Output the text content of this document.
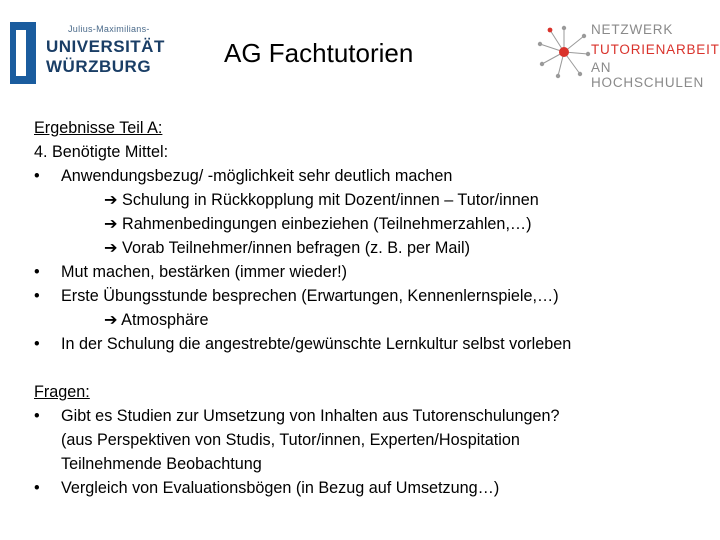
Julius-Maximilians-
UNIVERSITÄT
WÜRZBURG	AG Fachtutorien
NETZWERK
TUTORIENARBEIT
AN HOCHSCHULEN
Ergebnisse Teil A:
4. Benötigte Mittel:
• Anwendungsbezug/ -möglichkeit sehr deutlich machen
➔ Schulung in Rückkopplung mit Dozent/innen – Tutor/innen
➔ Rahmenbedingungen einbeziehen (Teilnehmerzahlen,…)
➔ Vorab Teilnehmer/innen befragen (z. B. per Mail)
• Mut machen, bestärken (immer wieder!)
• Erste Übungsstunde besprechen (Erwartungen, Kennenlernspiele,…)
➔ Atmosphäre
• In der Schulung die angestrebte/gewünschte Lernkultur selbst vorleben
Fragen:
• Gibt es Studien zur Umsetzung von Inhalten aus Tutorenschulungen?
(aus Perspektiven von Studis, Tutor/innen, Experten/Hospitation
Teilnehmende Beobachtung
• Vergleich von Evaluationsbögen (in Bezug auf Umsetzung…)
